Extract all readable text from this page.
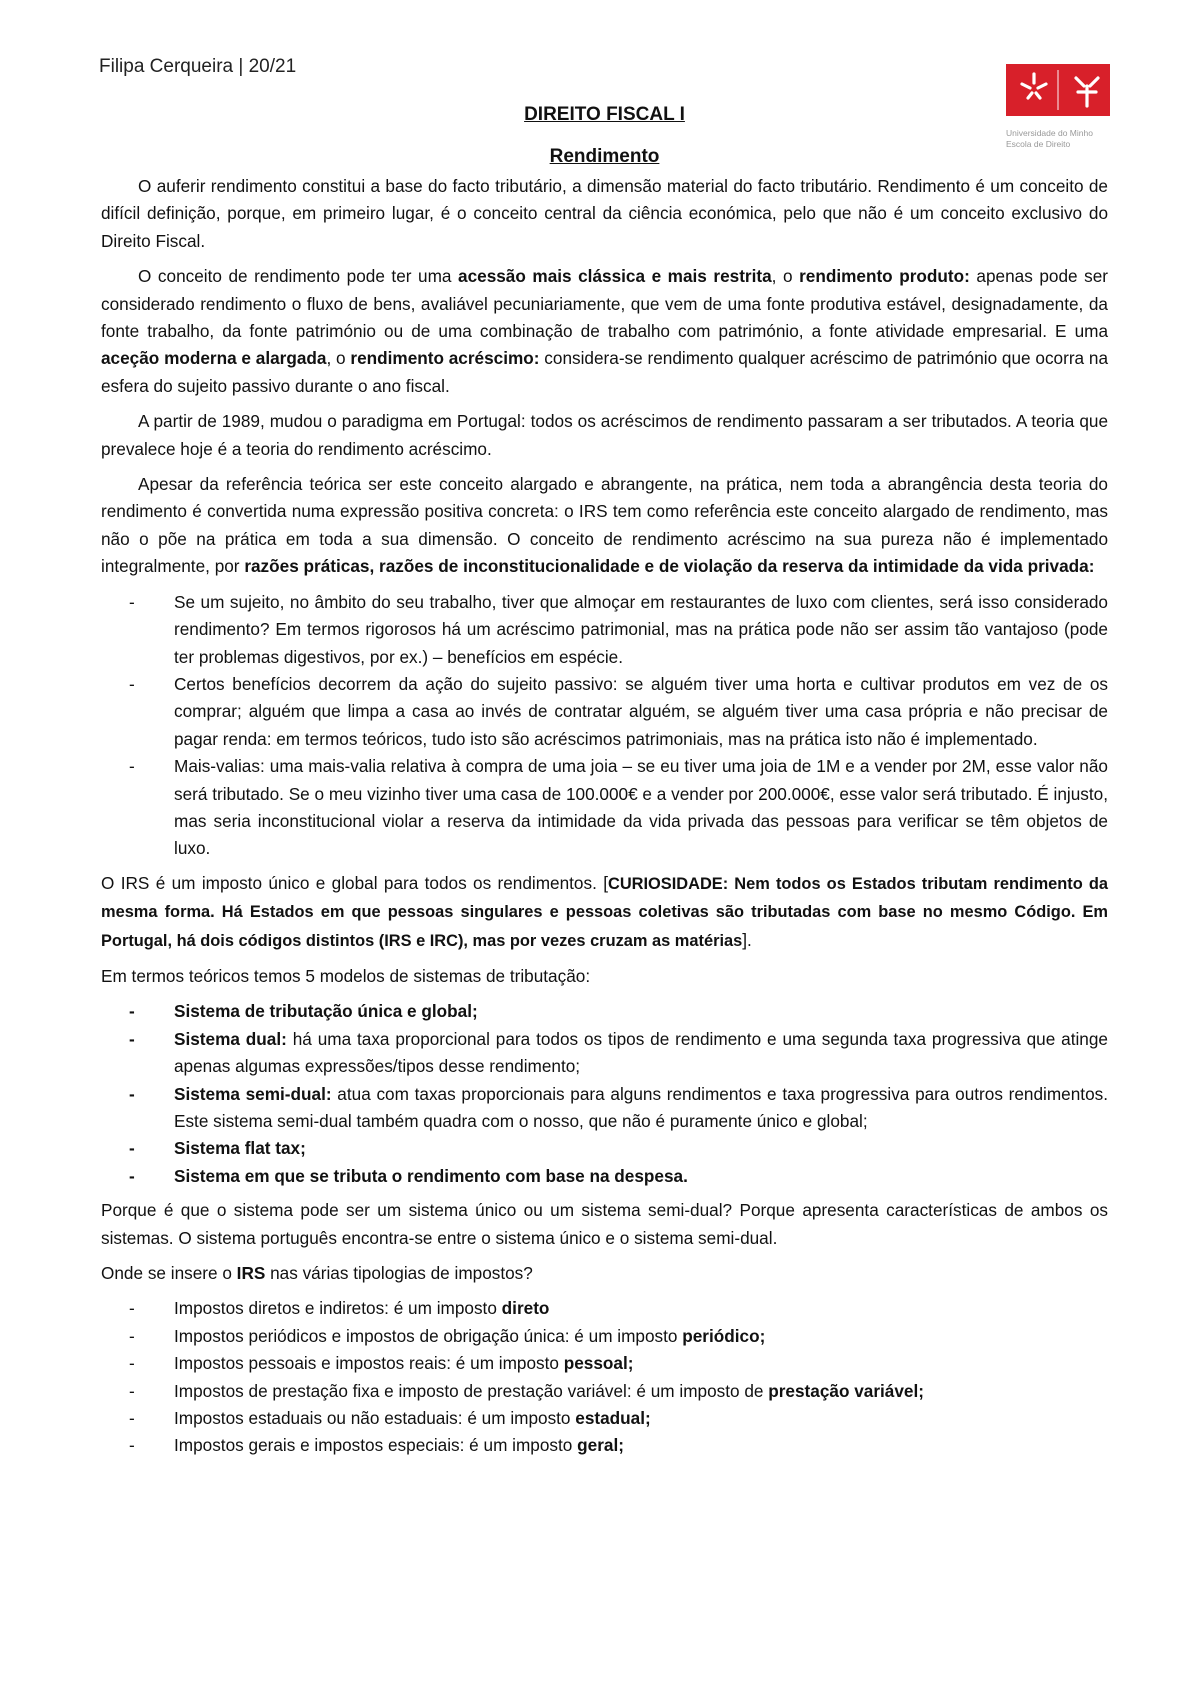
Filipa Cerqueira | 20/21
Universidade do Minho
Escola de Direito
DIREITO FISCAL I
Rendimento

O auferir rendimento constitui a base do facto tributário, a dimensão material do facto tributário. Rendimento é um conceito de difícil definição, porque, em primeiro lugar, é o conceito central da ciência económica, pelo que não é um conceito exclusivo do Direito Fiscal.

O conceito de rendimento pode ter uma acessão mais clássica e mais restrita, o rendimento produto: apenas pode ser considerado rendimento o fluxo de bens, avaliável pecuniariamente, que vem de uma fonte produtiva estável, designadamente, da fonte trabalho, da fonte património ou de uma combinação de trabalho com património, a fonte atividade empresarial. E uma aceção moderna e alargada, o rendimento acréscimo: considera-se rendimento qualquer acréscimo de património que ocorra na esfera do sujeito passivo durante o ano fiscal.

A partir de 1989, mudou o paradigma em Portugal: todos os acréscimos de rendimento passaram a ser tributados. A teoria que prevalece hoje é a teoria do rendimento acréscimo.

Apesar da referência teórica ser este conceito alargado e abrangente, na prática, nem toda a abrangência desta teoria do rendimento é convertida numa expressão positiva concreta: o IRS tem como referência este conceito alargado de rendimento, mas não o põe na prática em toda a sua dimensão. O conceito de rendimento acréscimo na sua pureza não é implementado integralmente, por razões práticas, razões de inconstitucionalidade e de violação da reserva da intimidade da vida privada:

- Se um sujeito, no âmbito do seu trabalho, tiver que almoçar em restaurantes de luxo com clientes, será isso considerado rendimento? Em termos rigorosos há um acréscimo patrimonial, mas na prática pode não ser assim tão vantajoso (pode ter problemas digestivos, por ex.) – benefícios em espécie.
- Certos benefícios decorrem da ação do sujeito passivo: se alguém tiver uma horta e cultivar produtos em vez de os comprar; alguém que limpa a casa ao invés de contratar alguém, se alguém tiver uma casa própria e não precisar de pagar renda: em termos teóricos, tudo isto são acréscimos patrimoniais, mas na prática isto não é implementado.
- Mais-valias: uma mais-valia relativa à compra de uma joia – se eu tiver uma joia de 1M e a vender por 2M, esse valor não será tributado. Se o meu vizinho tiver uma casa de 100.000€ e a vender por 200.000€, esse valor será tributado. É injusto, mas seria inconstitucional violar a reserva da intimidade da vida privada das pessoas para verificar se têm objetos de luxo.

O IRS é um imposto único e global para todos os rendimentos. [CURIOSIDADE: Nem todos os Estados tributam rendimento da mesma forma. Há Estados em que pessoas singulares e pessoas coletivas são tributadas com base no mesmo Código. Em Portugal, há dois códigos distintos (IRS e IRC), mas por vezes cruzam as matérias].

Em termos teóricos temos 5 modelos de sistemas de tributação:

- Sistema de tributação única e global;
- Sistema dual: há uma taxa proporcional para todos os tipos de rendimento e uma segunda taxa progressiva que atinge apenas algumas expressões/tipos desse rendimento;
- Sistema semi-dual: atua com taxas proporcionais para alguns rendimentos e taxa progressiva para outros rendimentos. Este sistema semi-dual também quadra com o nosso, que não é puramente único e global;
- Sistema flat tax;
- Sistema em que se tributa o rendimento com base na despesa.

Porque é que o sistema pode ser um sistema único ou um sistema semi-dual? Porque apresenta características de ambos os sistemas. O sistema português encontra-se entre o sistema único e o sistema semi-dual.

Onde se insere o IRS nas várias tipologias de impostos?

- Impostos diretos e indiretos: é um imposto direto
- Impostos periódicos e impostos de obrigação única: é um imposto periódico;
- Impostos pessoais e impostos reais: é um imposto pessoal;
- Impostos de prestação fixa e imposto de prestação variável: é um imposto de prestação variável;
- Impostos estaduais ou não estaduais: é um imposto estadual;
- Impostos gerais e impostos especiais: é um imposto geral;
